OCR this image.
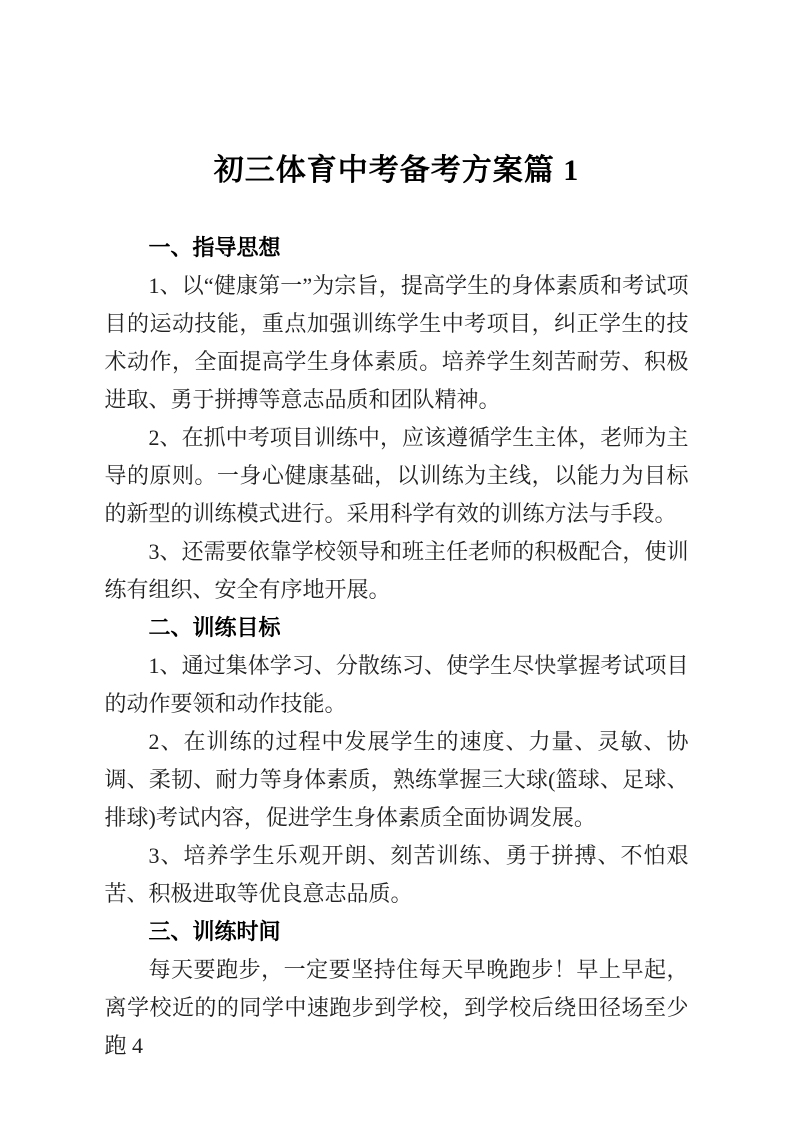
初三体育中考备考方案篇 1
一、指导思想

1、以“健康第一”为宗旨，提高学生的身体素质和考试项目的运动技能，重点加强训练学生中考项目，纠正学生的技术动作，全面提高学生身体素质。培养学生刻苦耐劳、积极进取、勇于拼搏等意志品质和团队精神。

2、在抓中考项目训练中，应该遵循学生主体，老师为主导的原则。一身心健康基础，以训练为主线，以能力为目标的新型的训练模式进行。采用科学有效的训练方法与手段。

3、还需要依靠学校领导和班主任老师的积极配合，使训练有组织、安全有序地开展。

二、训练目标

1、通过集体学习、分散练习、使学生尽快掌握考试项目的动作要领和动作技能。

2、在训练的过程中发展学生的速度、力量、灵敏、协调、柔韧、耐力等身体素质，熟练掌握三大球(篮球、足球、排球)考试内容，促进学生身体素质全面协调发展。

3、培养学生乐观开朗、刻苦训练、勇于拼搏、不怕艰苦、积极进取等优良意志品质。

三、训练时间

每天要跑步，一定要坚持住每天早晚跑步！早上早起，离学校近的的同学中速跑步到学校，到学校后绕田径场至少跑 4
